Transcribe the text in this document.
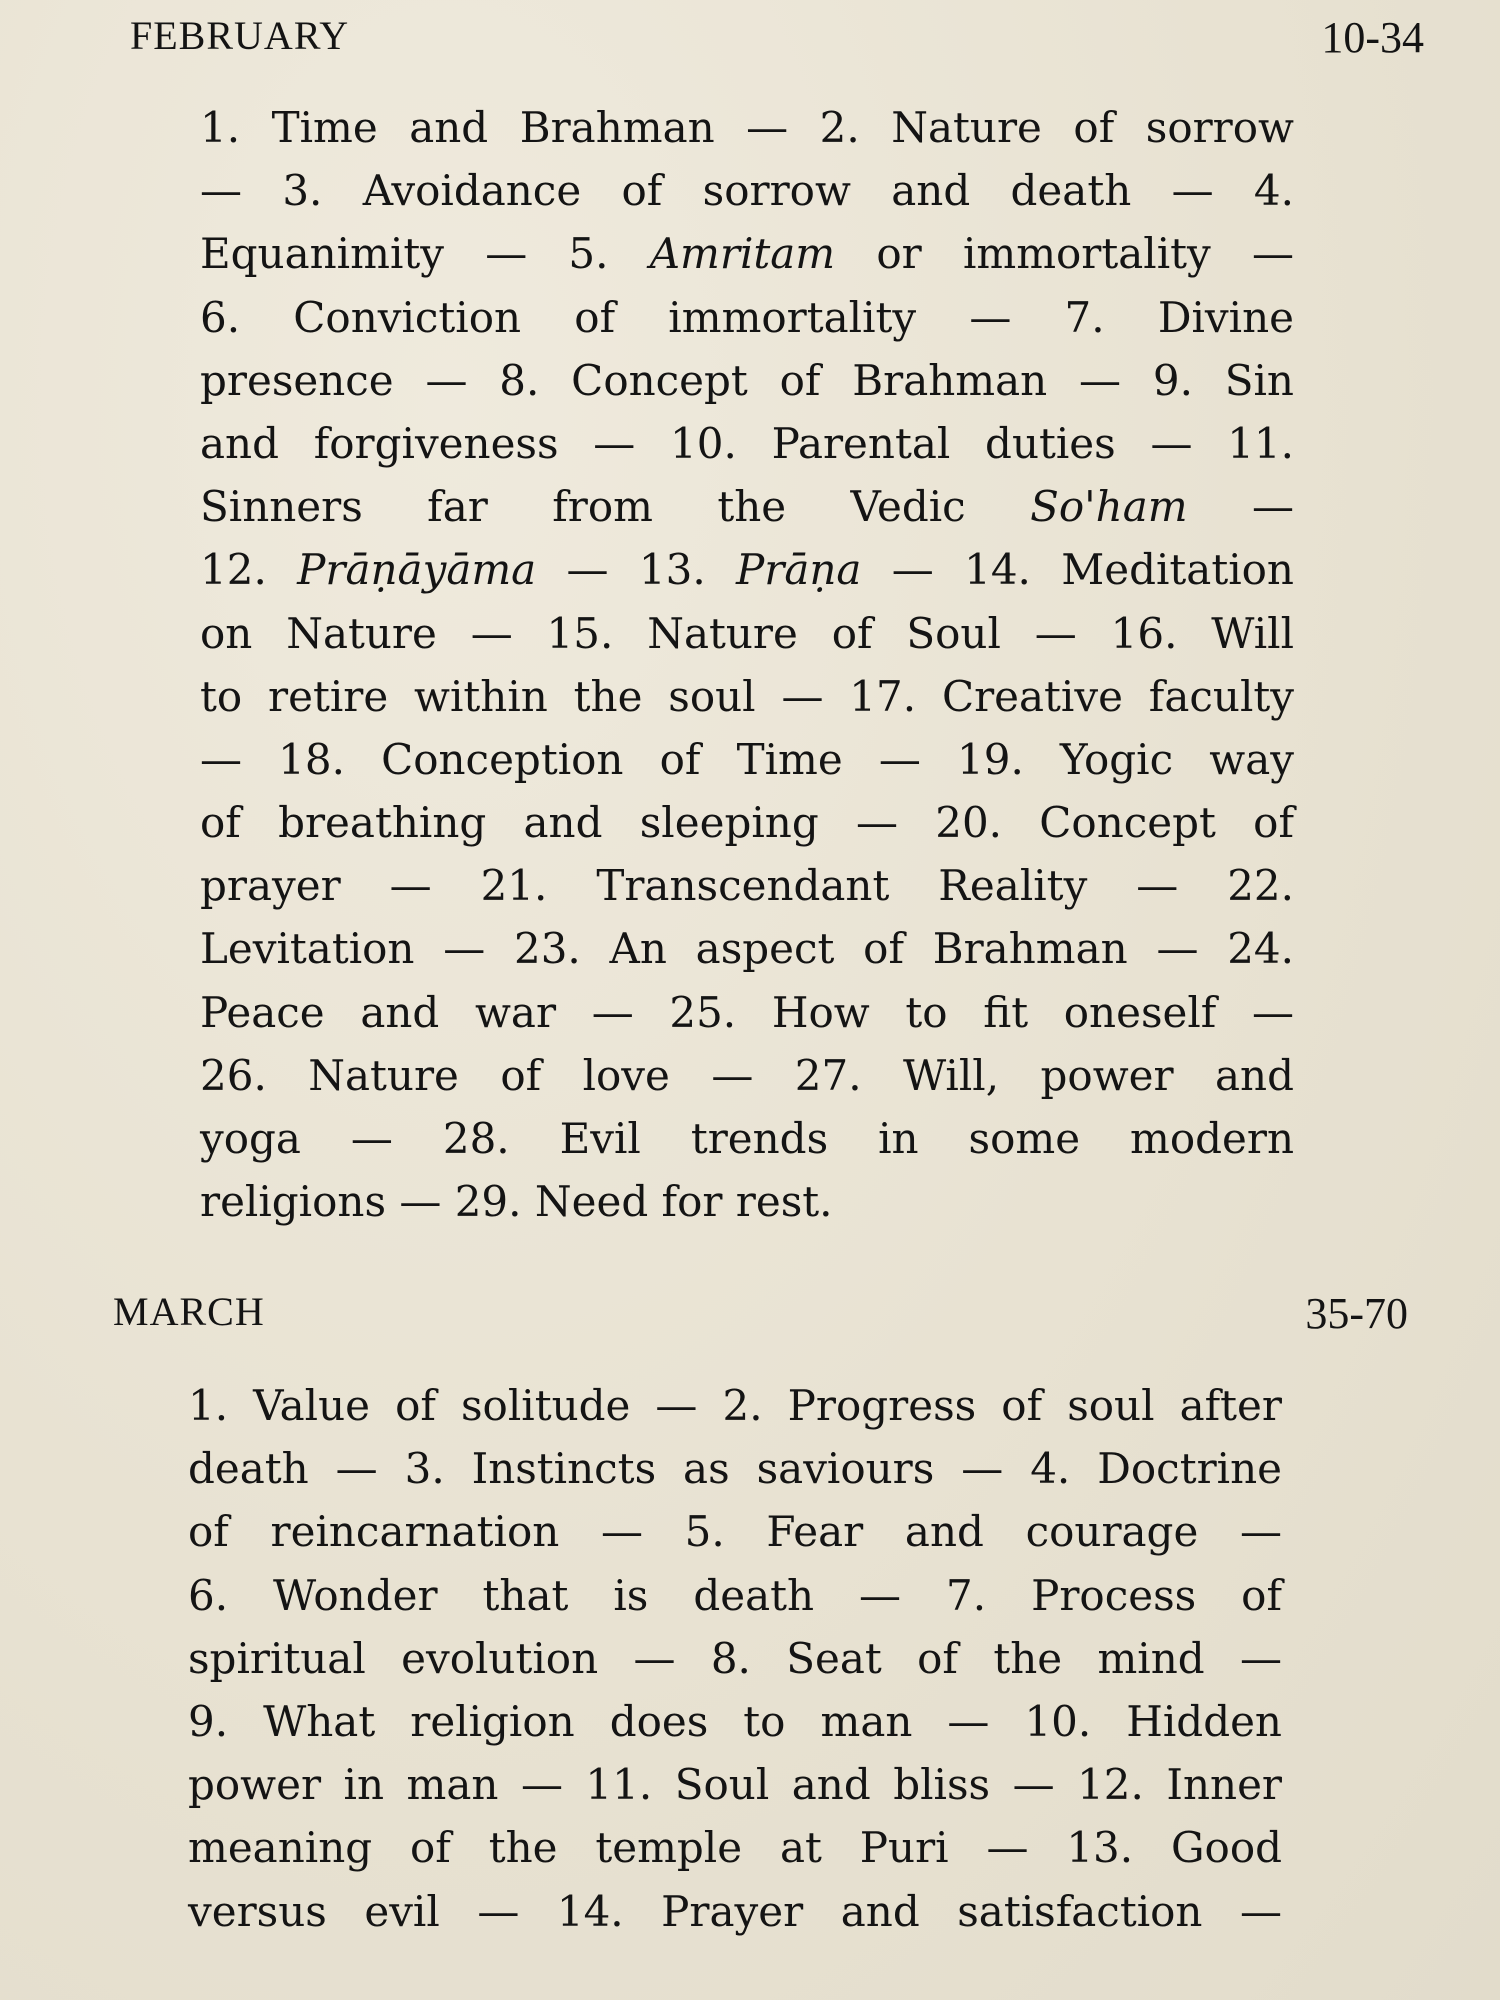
FEBRUARY	10-34
1. Time and Brahman — 2. Nature of sorrow
— 3. Avoidance of sorrow and death — 4.
Equanimity — 5. Amritam or immortality —
6. Conviction of immortality — 7. Divine
presence — 8. Concept of Brahman — 9. Sin
and forgiveness — 10. Parental duties — 11.
Sinners far from the Vedic So'ham —
12. Prāṇāyāma — 13. Prāṇa — 14. Meditation
on Nature — 15. Nature of Soul — 16. Will
to retire within the soul — 17. Creative faculty
— 18. Conception of Time — 19. Yogic way
of breathing and sleeping — 20. Concept of
prayer — 21. Transcendant Reality — 22.
Levitation — 23. An aspect of Brahman — 24.
Peace and war — 25. How to fit oneself —
26. Nature of love — 27. Will, power and
yoga — 28. Evil trends in some modern
religions — 29. Need for rest.
MARCH	35-70
1. Value of solitude — 2. Progress of soul after
death — 3. Instincts as saviours — 4. Doctrine
of reincarnation — 5. Fear and courage —
6. Wonder that is death — 7. Process of
spiritual evolution — 8. Seat of the mind —
9. What religion does to man — 10. Hidden
power in man — 11. Soul and bliss — 12. Inner
meaning of the temple at Puri — 13. Good
versus evil — 14. Prayer and satisfaction —
